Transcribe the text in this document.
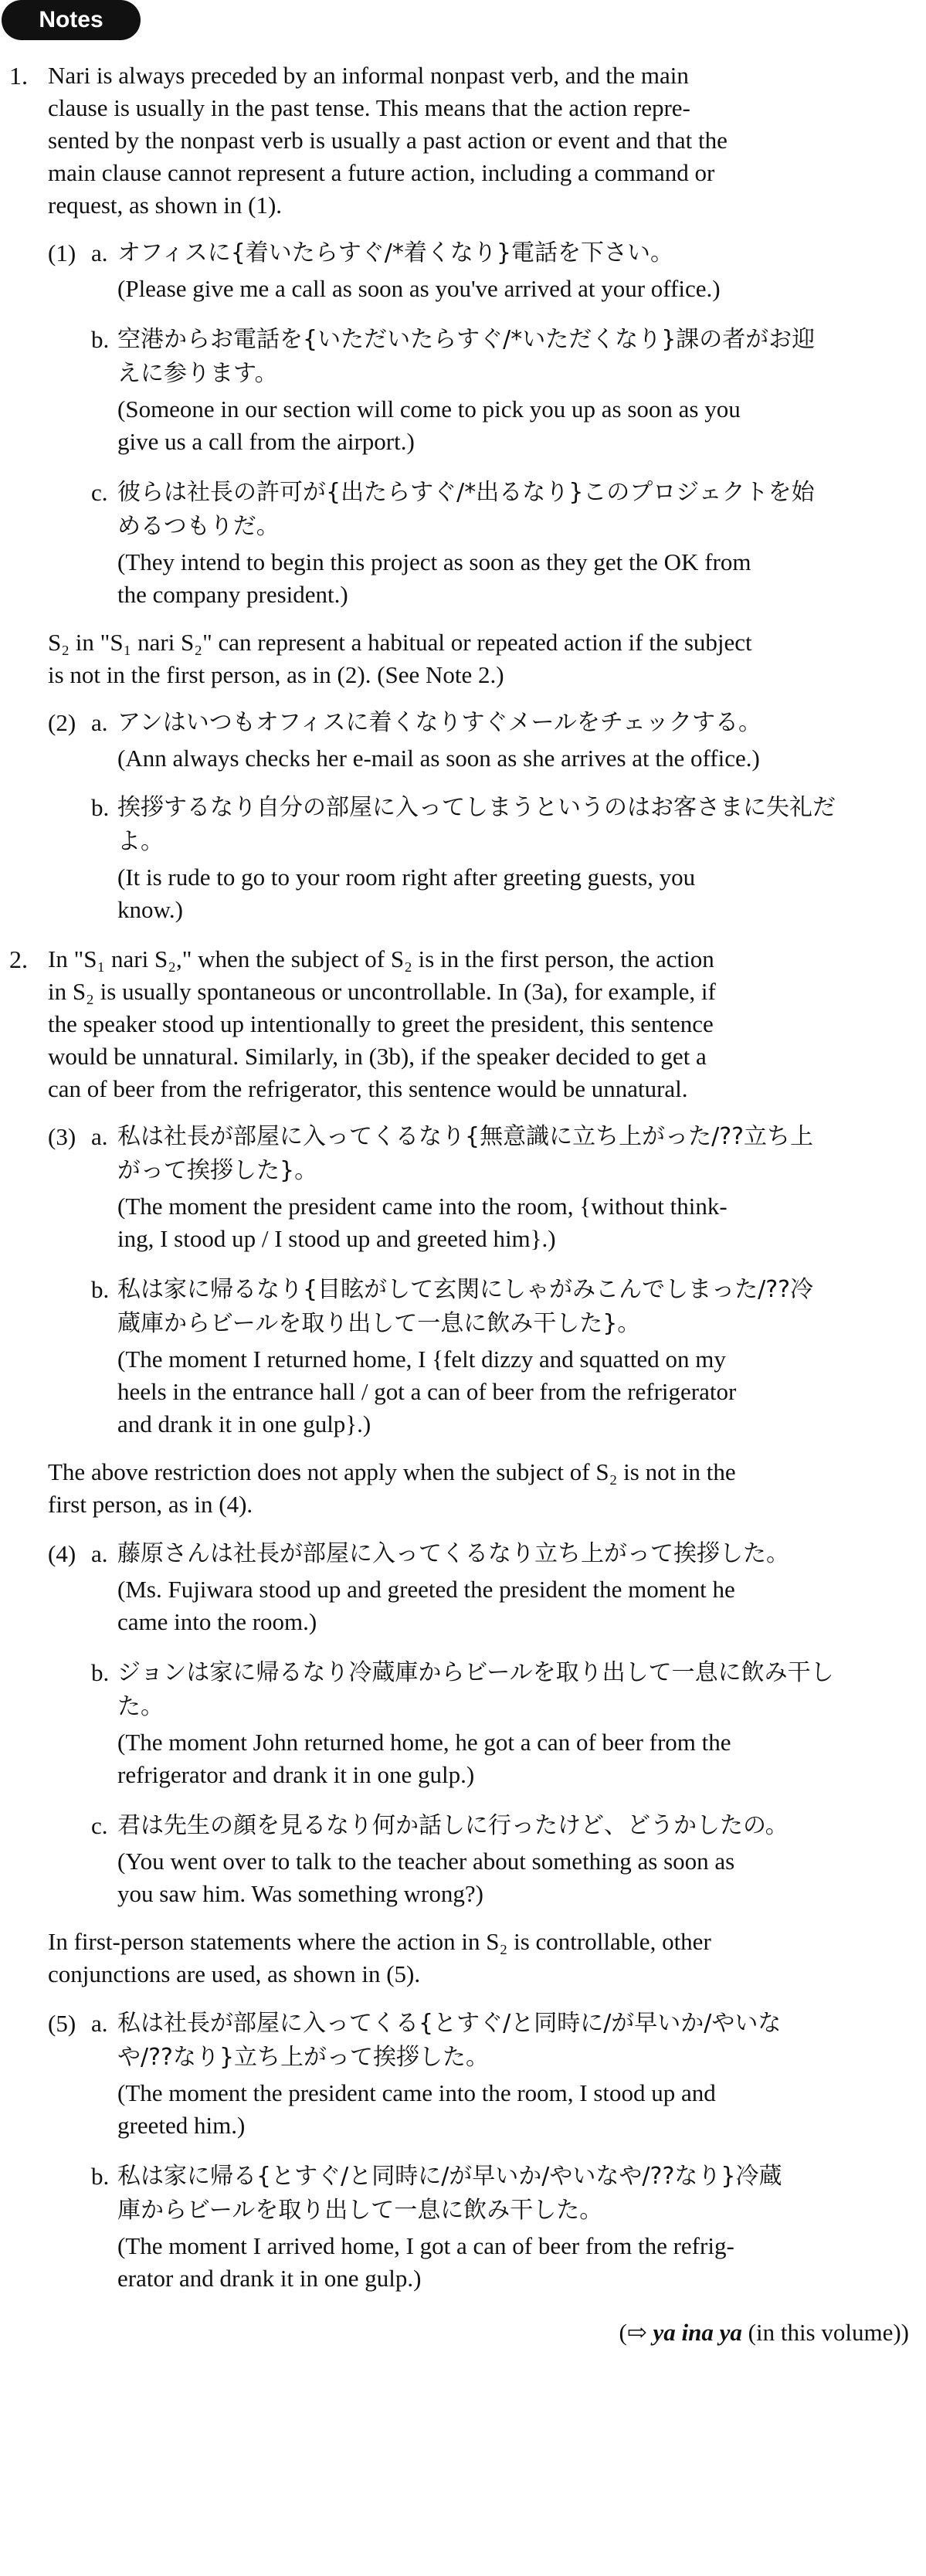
Notes
1. Nari is always preceded by an informal nonpast verb, and the main
clause is usually in the past tense. This means that the action repre-
sented by the nonpast verb is usually a past action or event and that the
main clause cannot represent a future action, including a command or
request, as shown in (1).
(1) a. オフィスに{着いたらすぐ/*着くなり}電話を下さい。
(Please give me a call as soon as you've arrived at your office.)
b. 空港からお電話を{いただいたらすぐ/*いただくなり}課の者がお迎
えに参ります。
(Someone in our section will come to pick you up as soon as you
give us a call from the airport.)
c. 彼らは社長の許可が{出たらすぐ/*出るなり}このプロジェクトを始
めるつもりだ。
(They intend to begin this project as soon as they get the OK from
the company president.)
S₂ in "S₁ nari S₂" can represent a habitual or repeated action if the subject
is not in the first person, as in (2). (See Note 2.)
(2) a. アンはいつもオフィスに着くなりすぐメールをチェックする。
(Ann always checks her e-mail as soon as she arrives at the office.)
b. 挨拶するなり自分の部屋に入ってしまうというのはお客さまに失礼だ
よ。
(It is rude to go to your room right after greeting guests, you
know.)
2. In "S₁ nari S₂," when the subject of S₂ is in the first person, the action
in S₂ is usually spontaneous or uncontrollable. In (3a), for example, if
the speaker stood up intentionally to greet the president, this sentence
would be unnatural. Similarly, in (3b), if the speaker decided to get a
can of beer from the refrigerator, this sentence would be unnatural.
(3) a. 私は社長が部屋に入ってくるなり{無意識に立ち上がった/??立ち上
がって挨拶した}。
(The moment the president came into the room, {without think-
ing, I stood up / I stood up and greeted him}.)
b. 私は家に帰るなり{目眩がして玄関にしゃがみこんでしまった/??冷
蔵庫からビールを取り出して一息に飲み干した}。
(The moment I returned home, I {felt dizzy and squatted on my
heels in the entrance hall / got a can of beer from the refrigerator
and drank it in one gulp}.)
The above restriction does not apply when the subject of S₂ is not in the
first person, as in (4).
(4) a. 藤原さんは社長が部屋に入ってくるなり立ち上がって挨拶した。
(Ms. Fujiwara stood up and greeted the president the moment he
came into the room.)
b. ジョンは家に帰るなり冷蔵庫からビールを取り出して一息に飲み干し
た。
(The moment John returned home, he got a can of beer from the
refrigerator and drank it in one gulp.)
c. 君は先生の顔を見るなり何か話しに行ったけど、どうかしたの。
(You went over to talk to the teacher about something as soon as
you saw him. Was something wrong?)
In first-person statements where the action in S₂ is controllable, other
conjunctions are used, as shown in (5).
(5) a. 私は社長が部屋に入ってくる{とすぐ/と同時に/が早いか/やいな
や/??なり}立ち上がって挨拶した。
(The moment the president came into the room, I stood up and
greeted him.)
b. 私は家に帰る{とすぐ/と同時に/が早いか/やいなや/??なり}冷蔵
庫からビールを取り出して一息に飲み干した。
(The moment I arrived home, I got a can of beer from the refrig-
erator and drank it in one gulp.)
(⇨ ya ina ya (in this volume))
